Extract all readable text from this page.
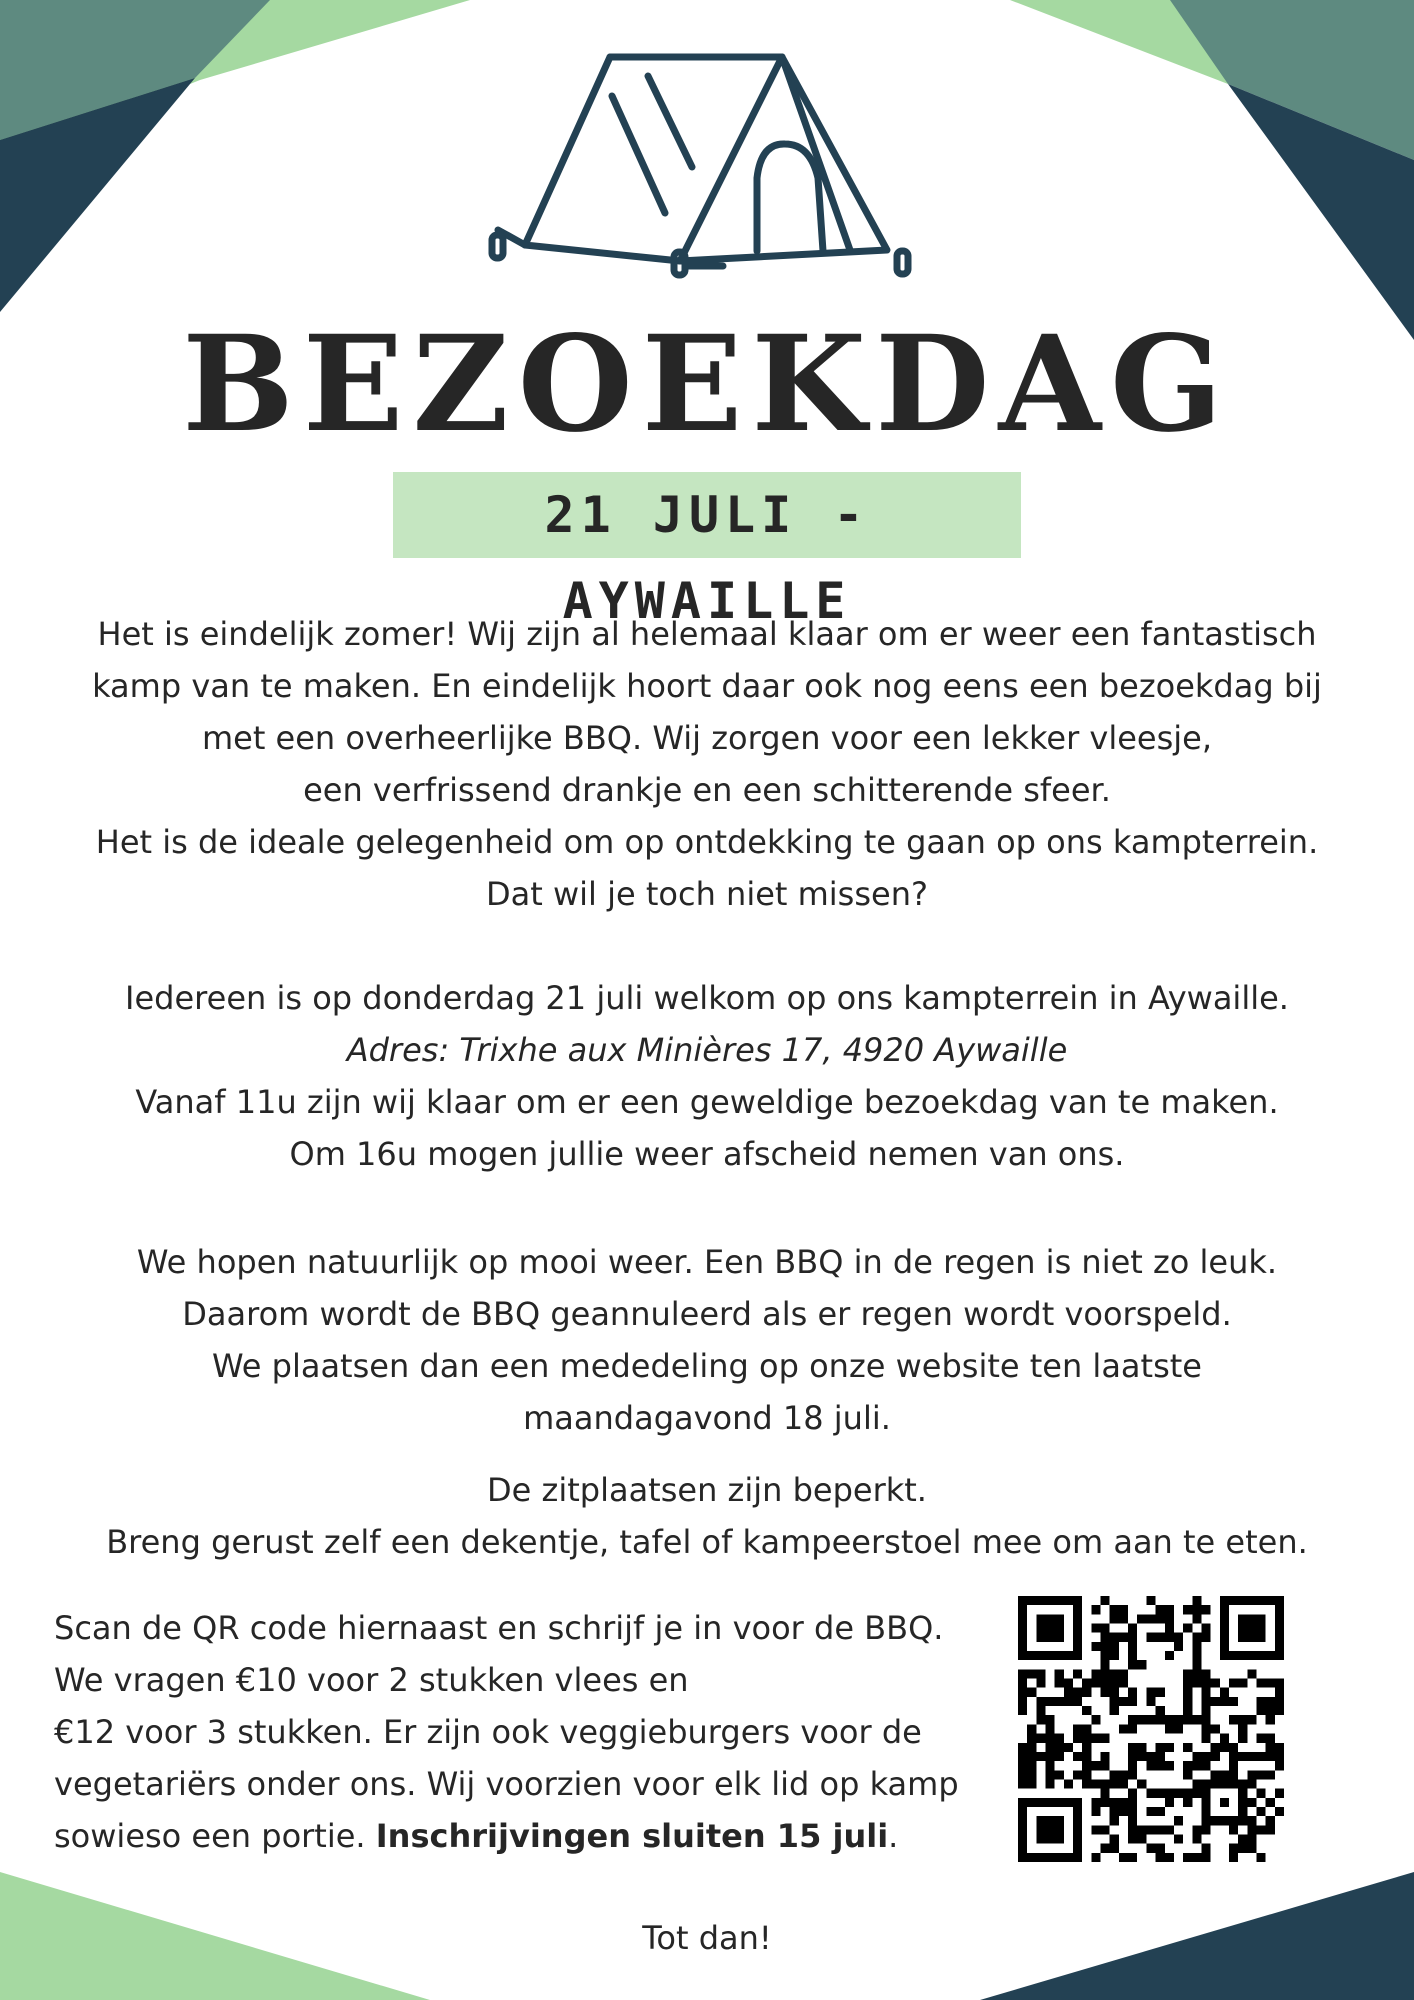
BEZOEKDAG
21 JULI - AYWAILLE
Het is eindelijk zomer! Wij zijn al helemaal klaar om er weer een fantastisch
kamp van te maken. En eindelijk hoort daar ook nog eens een bezoekdag bij
met een overheerlijke BBQ. Wij zorgen voor een lekker vleesje,
een verfrissend drankje en een schitterende sfeer.
Het is de ideale gelegenheid om op ontdekking te gaan op ons kampterrein.
Dat wil je toch niet missen?
Iedereen is op donderdag 21 juli welkom op ons kampterrein in Aywaille.
Adres: Trixhe aux Minières 17, 4920 Aywaille
Vanaf 11u zijn wij klaar om er een geweldige bezoekdag van te maken.
Om 16u mogen jullie weer afscheid nemen van ons.
We hopen natuurlijk op mooi weer. Een BBQ in de regen is niet zo leuk.
Daarom wordt de BBQ geannuleerd als er regen wordt voorspeld.
We plaatsen dan een mededeling op onze website ten laatste
maandagavond 18 juli.
De zitplaatsen zijn beperkt.
Breng gerust zelf een dekentje, tafel of kampeerstoel mee om aan te eten.
Scan de QR code hiernaast en schrijf je in voor de BBQ.
We vragen €10 voor 2 stukken vlees en
€12 voor 3 stukken. Er zijn ook veggieburgers voor de
vegetariërs onder ons. Wij voorzien voor elk lid op kamp
sowieso een portie. Inschrijvingen sluiten 15 juli.
Tot dan!
